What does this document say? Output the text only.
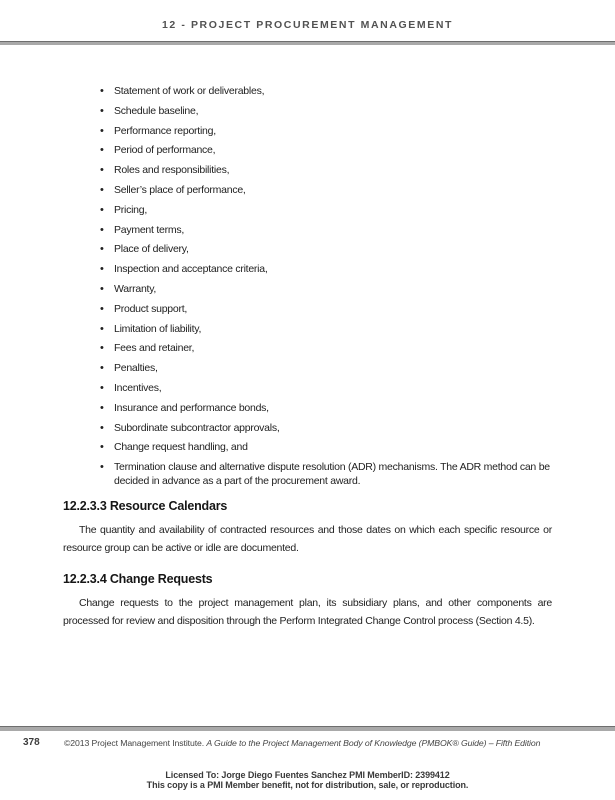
12 - PROJECT PROCUREMENT MANAGEMENT
• Statement of work or deliverables,
• Schedule baseline,
• Performance reporting,
• Period of performance,
• Roles and responsibilities,
• Seller’s place of performance,
• Pricing,
• Payment terms,
• Place of delivery,
• Inspection and acceptance criteria,
• Warranty,
• Product support,
• Limitation of liability,
• Fees and retainer,
• Penalties,
• Incentives,
• Insurance and performance bonds,
• Subordinate subcontractor approvals,
• Change request handling, and
• Termination clause and alternative dispute resolution (ADR) mechanisms. The ADR method can be decided in advance as a part of the procurement award.
12.2.3.3 Resource Calendars

The quantity and availability of contracted resources and those dates on which each specific resource or resource group can be active or idle are documented.

12.2.3.4 Change Requests

Change requests to the project management plan, its subsidiary plans, and other components are processed for review and disposition through the Perform Integrated Change Control process (Section 4.5).

378	©2013 Project Management Institute. A Guide to the Project Management Body of Knowledge (PMBOK® Guide) – Fifth Edition
Licensed To: Jorge Diego Fuentes Sanchez PMI MemberID: 2399412
This copy is a PMI Member benefit, not for distribution, sale, or reproduction.
